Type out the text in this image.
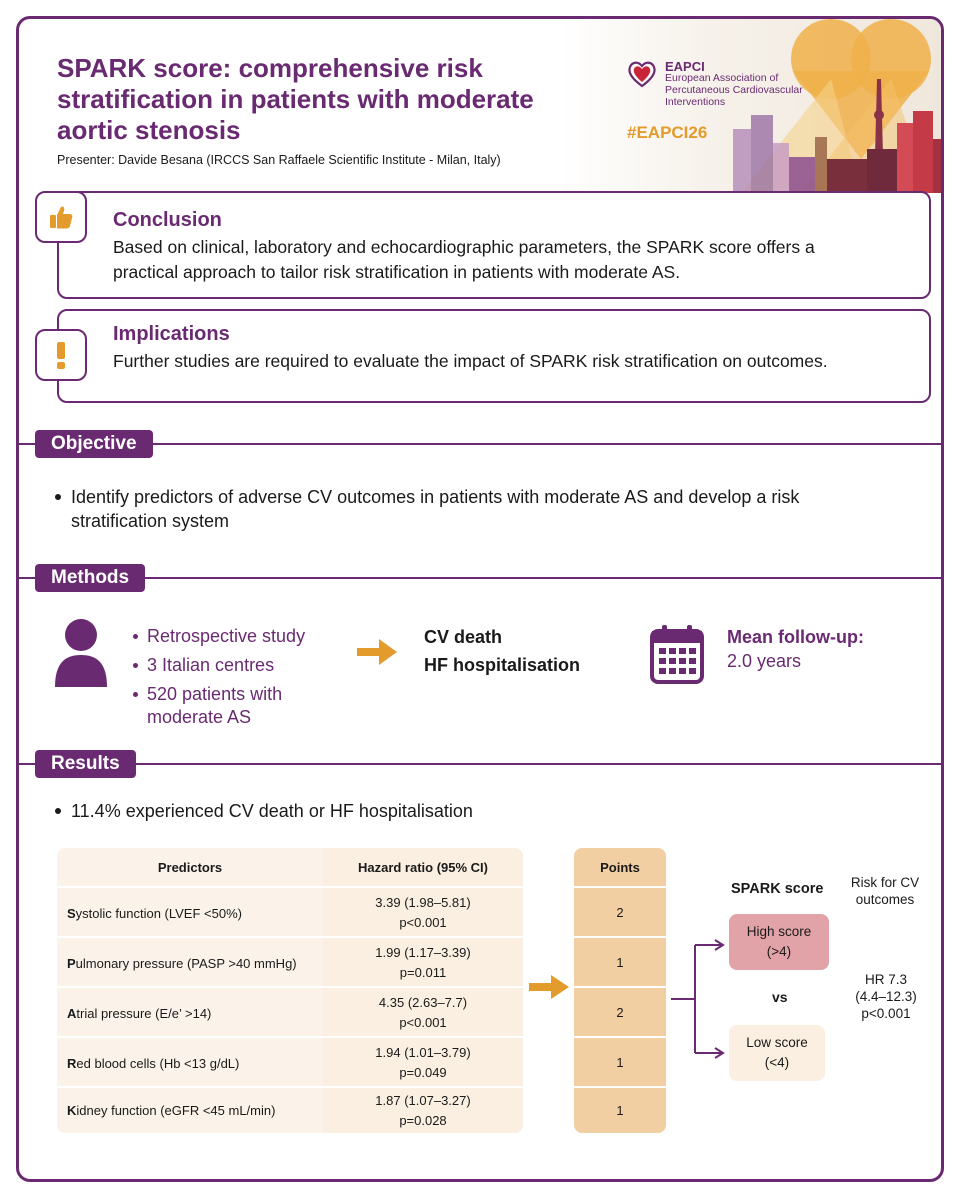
SPARK score: comprehensive risk stratification in patients with moderate aortic stenosis
Presenter: Davide Besana (IRCCS San Raffaele Scientific Institute - Milan, Italy)
EAPCI
European Association of Percutaneous Cardiovascular Interventions
#EAPCI26
Conclusion
Based on clinical, laboratory and echocardiographic parameters, the SPARK score offers a practical approach to tailor risk stratification in patients with moderate AS.
Implications
Further studies are required to evaluate the impact of SPARK risk stratification on outcomes.
Objective
Identify predictors of adverse CV outcomes in patients with moderate AS and develop a risk stratification system
Methods
Retrospective study
3 Italian centres
520 patients with moderate AS
CV death
HF hospitalisation
Mean follow-up:
2.0 years
Results
11.4% experienced CV death or HF hospitalisation
Predictors	Hazard ratio (95% CI)
S ystolic function (LVEF <50%)
3.39 (1.98–5.81)
p<0.001
P ulmonary pressure (PASP >40 mmHg)
1.99 (1.17–3.39)
p=0.011
A trial pressure (E/e’ >14)
4.35 (2.63–7.7)
p<0.001
R ed blood cells (Hb <13 g/dL)
1.94 (1.01–3.79)
p=0.049
K idney function (eGFR <45 mL/min)
1.87 (1.07–3.27)
p=0.028
Points
2
1
2
1
1
SPARK score	Risk for CV
outcomes
High score
(>4)
vs
Low score
(<4)
HR 7.3
(4.4–12.3)
p<0.001
